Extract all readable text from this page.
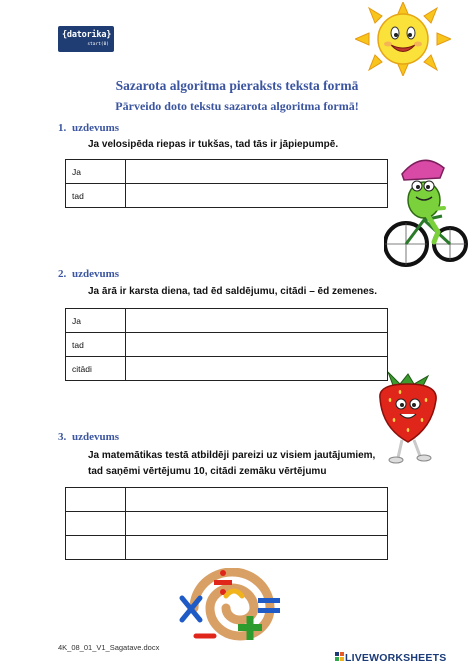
{datorika}
start(0)
Sazarota algoritma pieraksts teksta formā
Pārveido doto tekstu sazarota algoritma formā!
1. uzdevums
Ja velosipēda riepas ir tukšas, tad tās ir jāpiepumpē.
Ja	
tad	
2. uzdevums
Ja ārā ir karsta diena, tad ēd saldējumu, citādi – ēd zemenes.
Ja	
tad	
citādi	
3. uzdevums
Ja matemātikas testā atbildēji pareizi uz visiem jautājumiem,
tad saņēmi vērtējumu 10, citādi zemāku vērtējumu

4K_08_01_V1_Sagatave.docx
LIVEWORKSHEETS
